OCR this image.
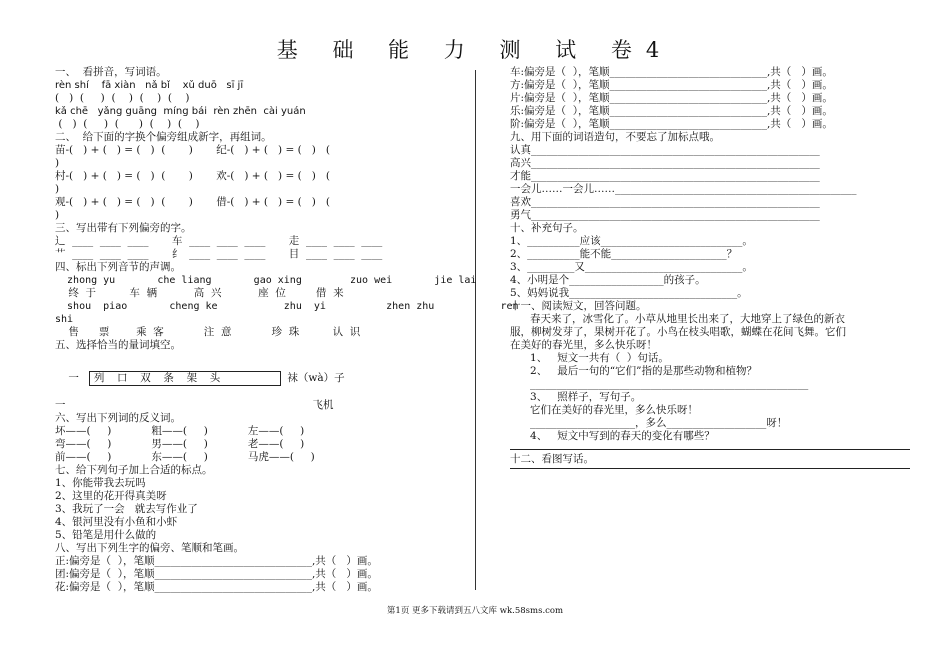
基 础 能 力 测 试 卷4
一、  看拼音，写词语。
rèn shí    fā xiàn   nǎ bǐ    xǔ duō   sī jī
(   )  (     )  (    )  (    )  (    )
kǎ chē   yǎng guāng  míng bái  rèn zhēn  cài yuán
(   )  (     )  (      )  (    )  (    )
二、  给下面的字换个偏旁组成新字，再组词。
苗-(   ) + (   ) = (   )  (       )       纪-(   ) + (   ) = (   )   (
)
村-(   ) + (   ) = (   )  (       )       欢-(   ) + (   ) = (   )   (
)
观-(   ) + (   ) = (   )  (       )       借-(   ) + (   ) = (   )   (
)
三、写出带有下列偏旁的字。
辶  ____  ____  ____       车  ____  ____  ____       走  ____  ____  ____
艹  ____  ____  ____       纟  ____  ____  ____       目  ____  ____  ____
四、标出下列音节的声调。
zhong yu       che liang       gao xing        zuo wei       jie lai
终  于          车  辆           高  兴           座  位         借  来
shou  piao       cheng ke           zhu  yi          zhen zhu           ren
shi
售      票        乘  客            注  意            珍  珠          认  识
五、选择恰当的量词填空。

一 列 口 双 条 架 头	袜（wà）子

一	飞机
六、写出下列词的反义词。
坏——(     )            粗——(     )            左——(     )
弯——(     )            男——(     )            老——(     )
前——(     )            东——(     )            马虎——(     )
七、给下列句子加上合适的标点。
1、你能带我去玩吗
2、这里的花开得真美呀
3、我玩了一会   就去写作业了
4、银河里没有小鱼和小虾
5、铅笔是用什么做的
八、写出下列生字的偏旁、笔顺和笔画。
正:偏旁是（  ），笔顺______________________________,共（   ）画。
团:偏旁是（  ），笔顺______________________________,共（   ）画。
花:偏旁是（  ），笔顺______________________________,共（   ）画。
车:偏旁是（  ），笔顺______________________________,共（   ）画。
方:偏旁是（  ），笔顺______________________________,共（   ）画。
片:偏旁是（  ），笔顺______________________________,共（   ）画。
乐:偏旁是（  ），笔顺______________________________,共（   ）画。
阶:偏旁是（  ），笔顺______________________________,共（   ）画。
九、用下面的词语造句，不要忘了加标点哦。
认真_______________________________________________________
高兴_______________________________________________________
才能_______________________________________________________
一会儿……一会儿……______________________________________________
喜欢_______________________________________________________
勇气_______________________________________________________
十、补充句子。
1、__________应该___________________________。
2、__________能不能______________________？
3、_________又______________________________。
4、小明是个__________________的孩子。
5、妈妈说我________________________________。
十一、阅读短文，回答问题。
春天来了，冰雪化了。小草从地里长出来了，大地穿上了绿色的新衣
服，柳树发芽了，果树开花了。小鸟在枝头唱歌，蝴蝶在花间飞舞。它们
在美好的春光里，多么快乐呀！
1、   短文一共有（  ）句话。
2、   最后一句的“它们”指的是那些动物和植物？
_____________________________________________________
3、   照样子，写句子。
它们在美好的春光里，多么快乐呀！
____________________，多么___________________呀！
4、   短文中写到的春天的变化有哪些？
十二、看图写话。
第1页 更多下载请到五八文库 wk.58sms.com
